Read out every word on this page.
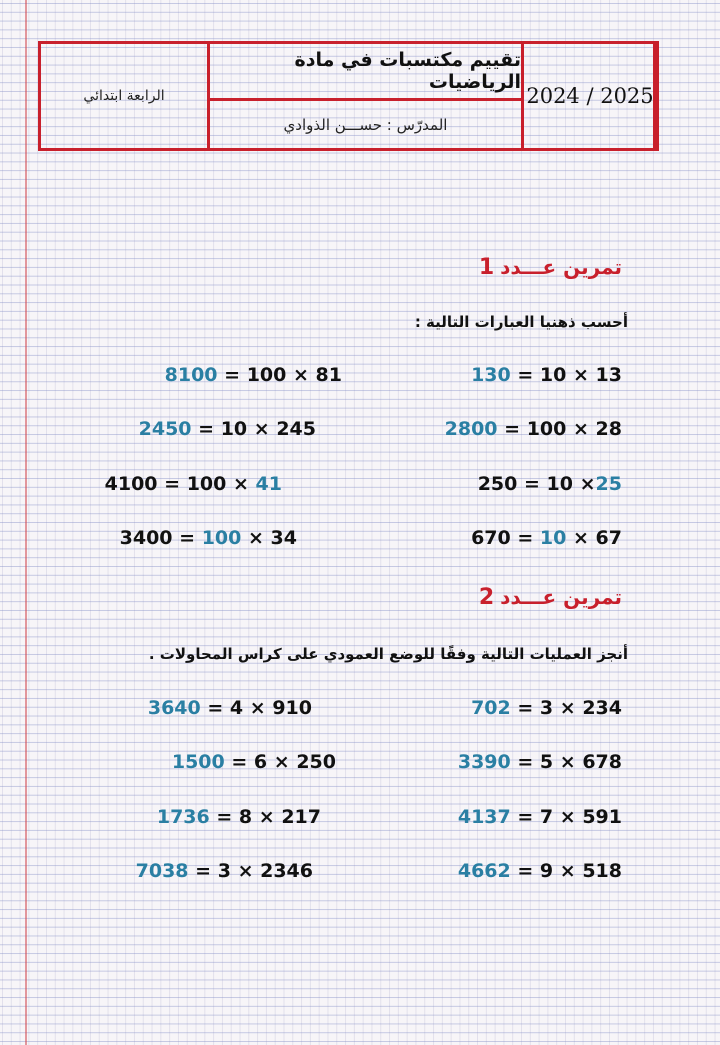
2024 / 2025
تقييم مكتسبات في مادة الرياضيات
المدرّس : حســـن الذوادي
الرابعة ابتدائي
تمرين عـــدد1
أحسب ذهنيا العبارات التالية :
130 = 10 × 13
8100 = 100 × 81
2800 = 100 × 28
2450 = 10 × 245
250 = 10 ×25
4100 = 100 × 41
670 = 10 × 67
3400 = 100 × 34
تمرين عـــدد2
أنجز العمليات التالية وفقًا للوضع العمودي على كراس المحاولات .
702 = 3 × 234
3640 = 4 × 910
3390 = 5 × 678
1500 = 6 × 250
4137 = 7 × 591
1736 = 8 × 217
4662 = 9 × 518
7038 = 3 × 2346
